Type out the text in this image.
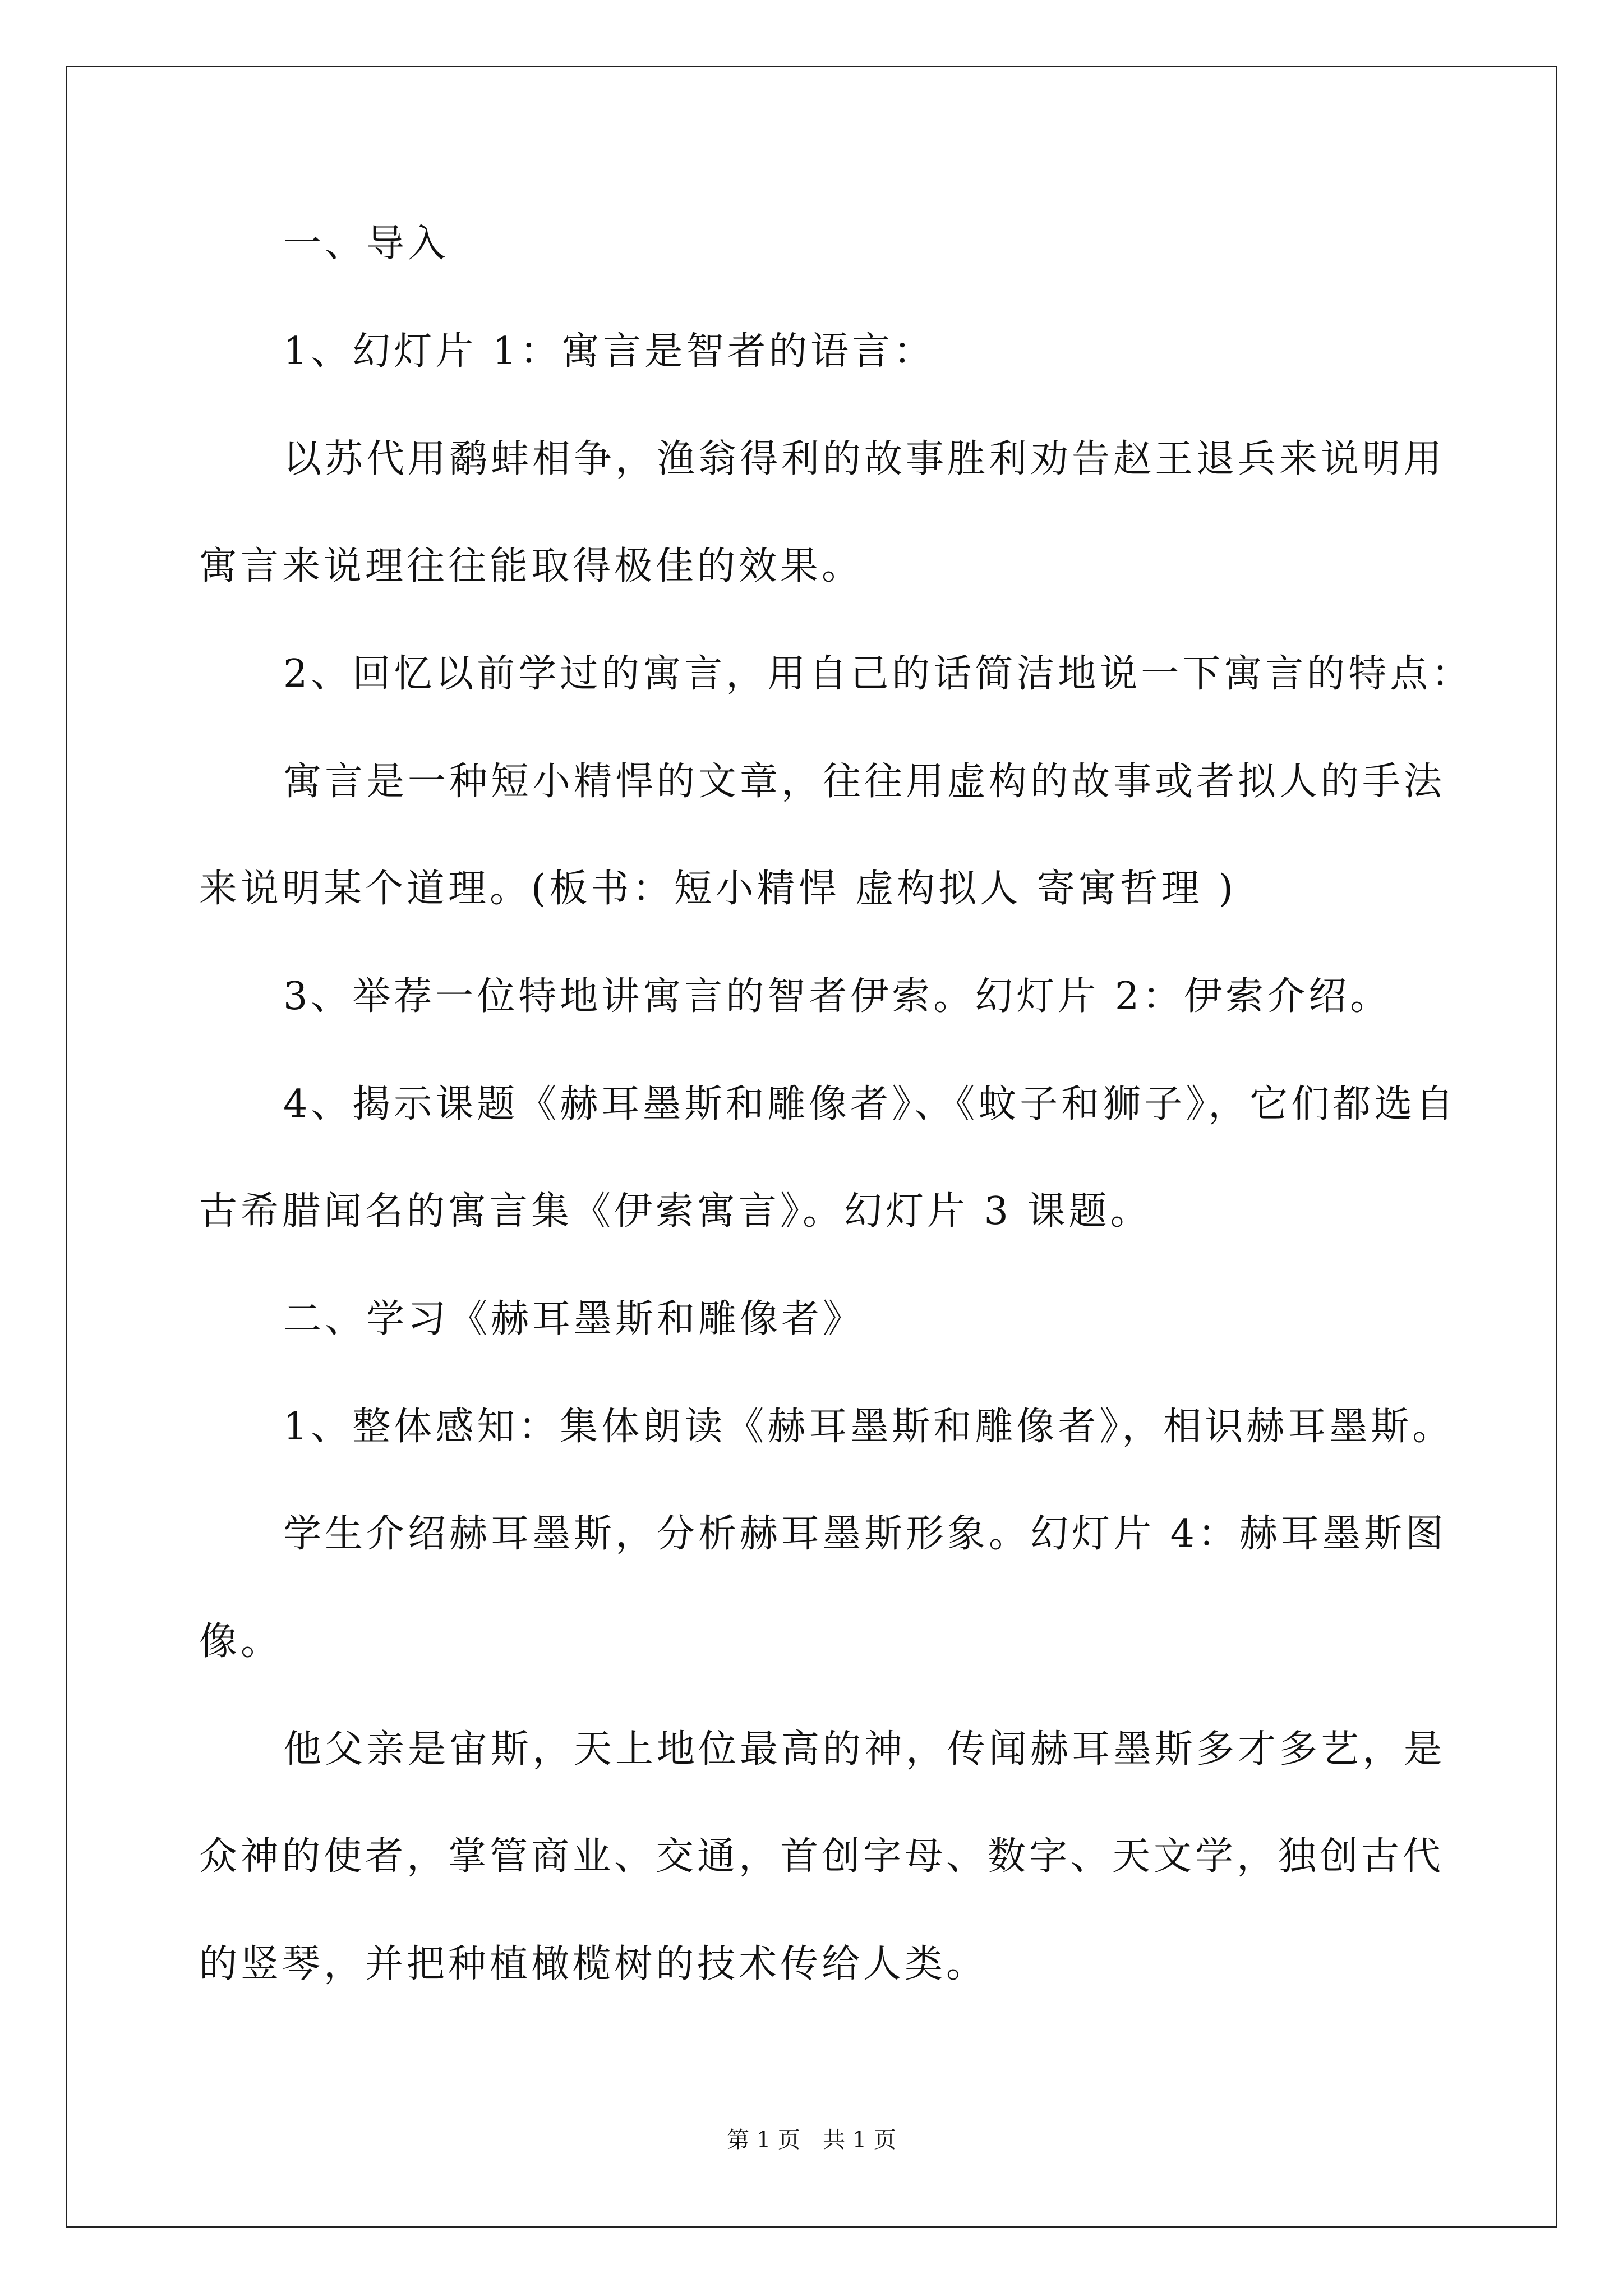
一、导入
1、幻灯片 1：寓言是智者的语言：
以苏代用鹬蚌相争，渔翁得利的故事胜利劝告赵王退兵来说明用
寓言来说理往往能取得极佳的效果。
2、回忆以前学过的寓言，用自己的话简洁地说一下寓言的特点：
寓言是一种短小精悍的文章，往往用虚构的故事或者拟人的手法
来说明某个道理。(板书：短小精悍 虚构拟人 寄寓哲理 )
3、举荐一位特地讲寓言的智者伊索。幻灯片 2：伊索介绍。
4、揭示课题《赫耳墨斯和雕像者》、《蚊子和狮子》，它们都选自
古希腊闻名的寓言集《伊索寓言》。幻灯片 3 课题。
二、学习《赫耳墨斯和雕像者》
1、整体感知：集体朗读《赫耳墨斯和雕像者》，相识赫耳墨斯。
学生介绍赫耳墨斯，分析赫耳墨斯形象。幻灯片 4：赫耳墨斯图
像。
他父亲是宙斯，天上地位最高的神，传闻赫耳墨斯多才多艺，是
众神的使者，掌管商业、交通，首创字母、数字、天文学，独创古代
的竖琴，并把种植橄榄树的技术传给人类。
第 1 页　共 1 页
